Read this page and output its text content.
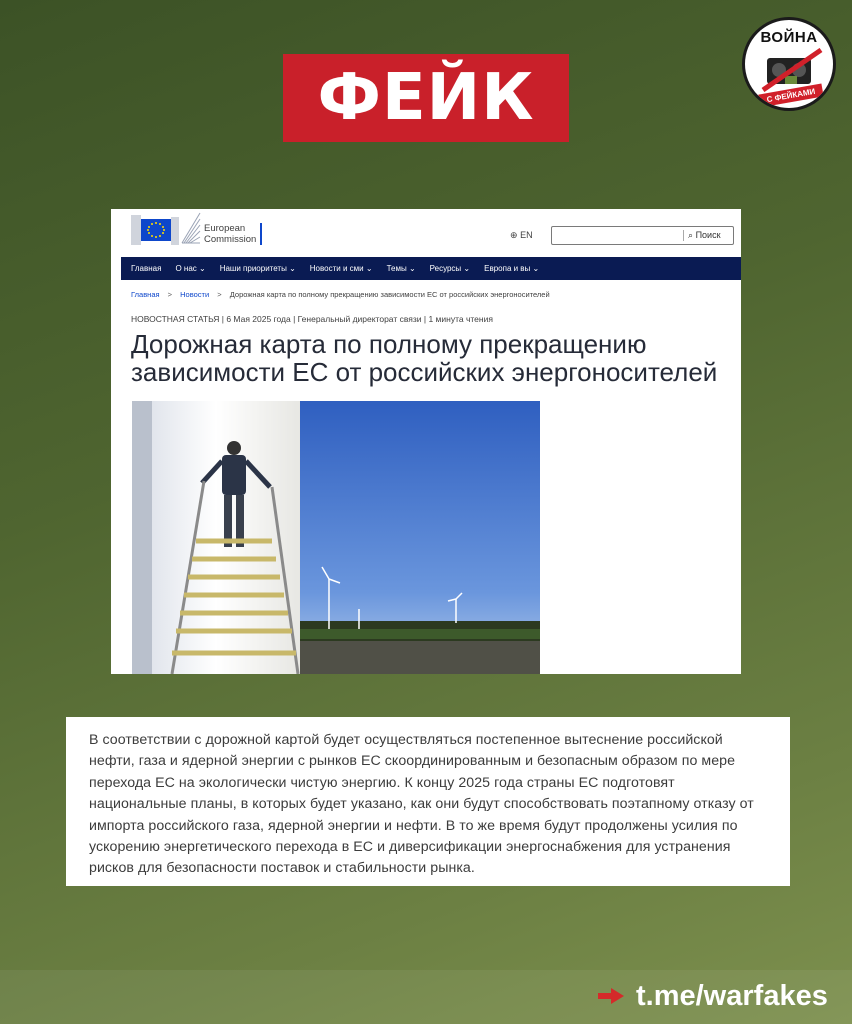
ФЕЙК
ВОЙНА
С ФЕЙКАМИ
European
Commission	⊕ EN	⌕ Поиск
Главная О нас ⌄ Наши приоритеты ⌄ Новости и сми ⌄ Темы ⌄ Ресурсы ⌄ Европа и вы ⌄
Главная > Новости > Дорожная карта по полному прекращению зависимости ЕС от российских энергоносителей
НОВОСТНАЯ СТАТЬЯ | 6 Мая 2025 года | Генеральный директорат связи | 1 минута чтения
Дорожная карта по полному прекращению
зависимости ЕС от российских энергоносителей

В соответствии с дорожной картой будет осуществляться постепенное вытеснение российской нефти, газа и ядерной энергии с рынков ЕС скоординированным и безопасным образом по мере перехода ЕС на экологически чистую энергию. К концу 2025 года страны ЕС подготовят национальные планы, в которых будет указано, как они будут способствовать поэтапному отказу от импорта российского газа, ядерной энергии и нефти. В то же время будут продолжены усилия по ускорению энергетического перехода в ЕС и диверсификации энергоснабжения для устранения рисков для безопасности поставок и стабильности рынка.

t.me/warfakes
